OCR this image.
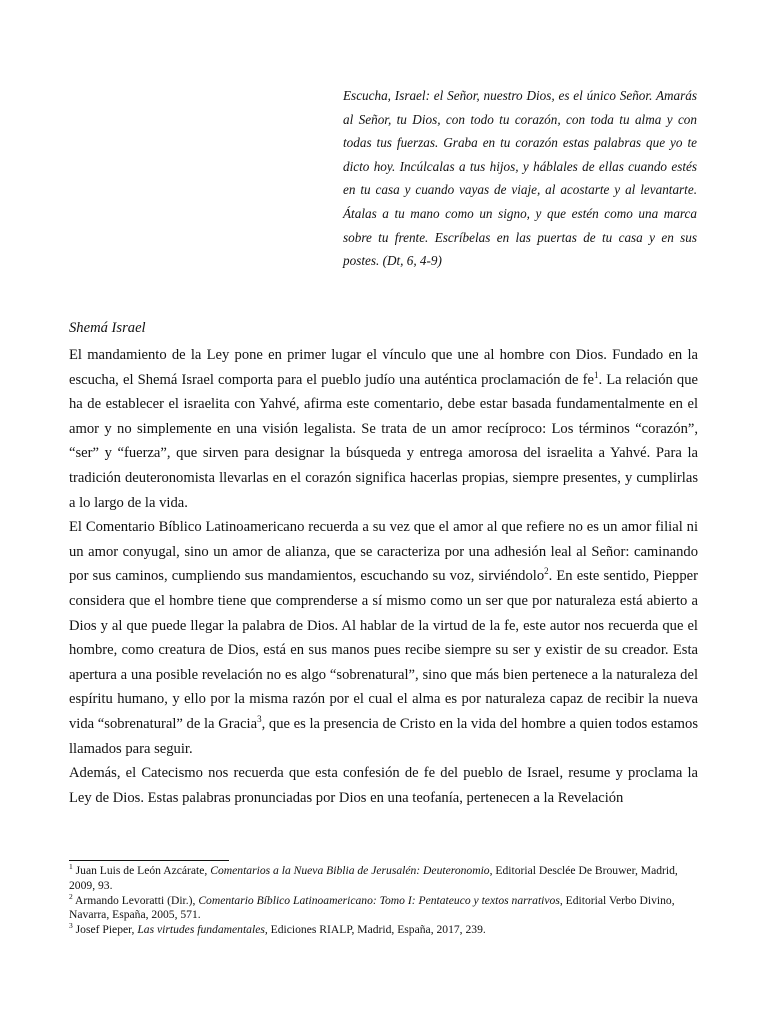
Escucha, Israel: el Señor, nuestro Dios, es el único Señor. Amarás al Señor, tu Dios, con todo tu corazón, con toda tu alma y con todas tus fuerzas. Graba en tu corazón estas palabras que yo te dicto hoy. Incúlcalas a tus hijos, y háblales de ellas cuando estés en tu casa y cuando vayas de viaje, al acostarte y al levantarte. Átalas a tu mano como un signo, y que estén como una marca sobre tu frente. Escríbelas en las puertas de tu casa y en sus postes. (Dt, 6, 4-9)
Shemá Israel

El mandamiento de la Ley pone en primer lugar el vínculo que une al hombre con Dios. Fundado en la escucha, el Shemá Israel comporta para el pueblo judío una auténtica proclamación de $fe^1$. La relación que ha de establecer el israelita con Yahvé, afirma este comentario, debe estar basada fundamentalmente en el amor y no simplemente en una visión legalista. Se trata de un amor recíproco: Los términos “corazón”, “ser” y “fuerza”, que sirven para designar la búsqueda y entrega amorosa del israelita a Yahvé. Para la tradición deuteronomista llevarlas en el corazón significa hacerlas propias, siempre presentes, y cumplirlas a lo largo de la vida.

El Comentario Bíblico Latinoamericano recuerda a su vez que el amor al que refiere no es un amor filial ni un amor conyugal, sino un amor de alianza, que se caracteriza por una adhesión leal al Señor: caminando por sus caminos, cumpliendo sus mandamientos, escuchando su voz, sirviéndolo$^2$. En este sentido, Piepper considera que el hombre tiene que comprenderse a sí mismo como un ser que por naturaleza está abierto a Dios y al que puede llegar la palabra de Dios. Al hablar de la virtud de la fe, este autor nos recuerda que el hombre, como creatura de Dios, está en sus manos pues recibe siempre su ser y existir de su creador. Esta apertura a una posible revelación no es algo “sobrenatural”, sino que más bien pertenece a la naturaleza del espíritu humano, y ello por la misma razón por el cual el alma es por naturaleza capaz de recibir la nueva vida “sobrenatural” de la Gracia$^3$, que es la presencia de Cristo en la vida del hombre a quien todos estamos llamados para seguir.

Además, el Catecismo nos recuerda que esta confesión de fe del pueblo de Israel, resume y proclama la Ley de Dios. Estas palabras pronunciadas por Dios en una teofanía, pertenecen a la Revelación

$^1$ Juan Luis de León Azcárate, Comentarios a la Nueva Biblia de Jerusalén: Deuteronomio, Editorial Desclée De Brouwer, Madrid, 2009, 93.
$^2$ Armando Levoratti (Dir.), Comentario Bíblico Latinoamericano: Tomo I: Pentateuco y textos narrativos, Editorial Verbo Divino, Navarra, España, 2005, 571.
$^3$ Josef Pieper, Las virtudes fundamentales, Ediciones RIALP, Madrid, España, 2017, 239.
